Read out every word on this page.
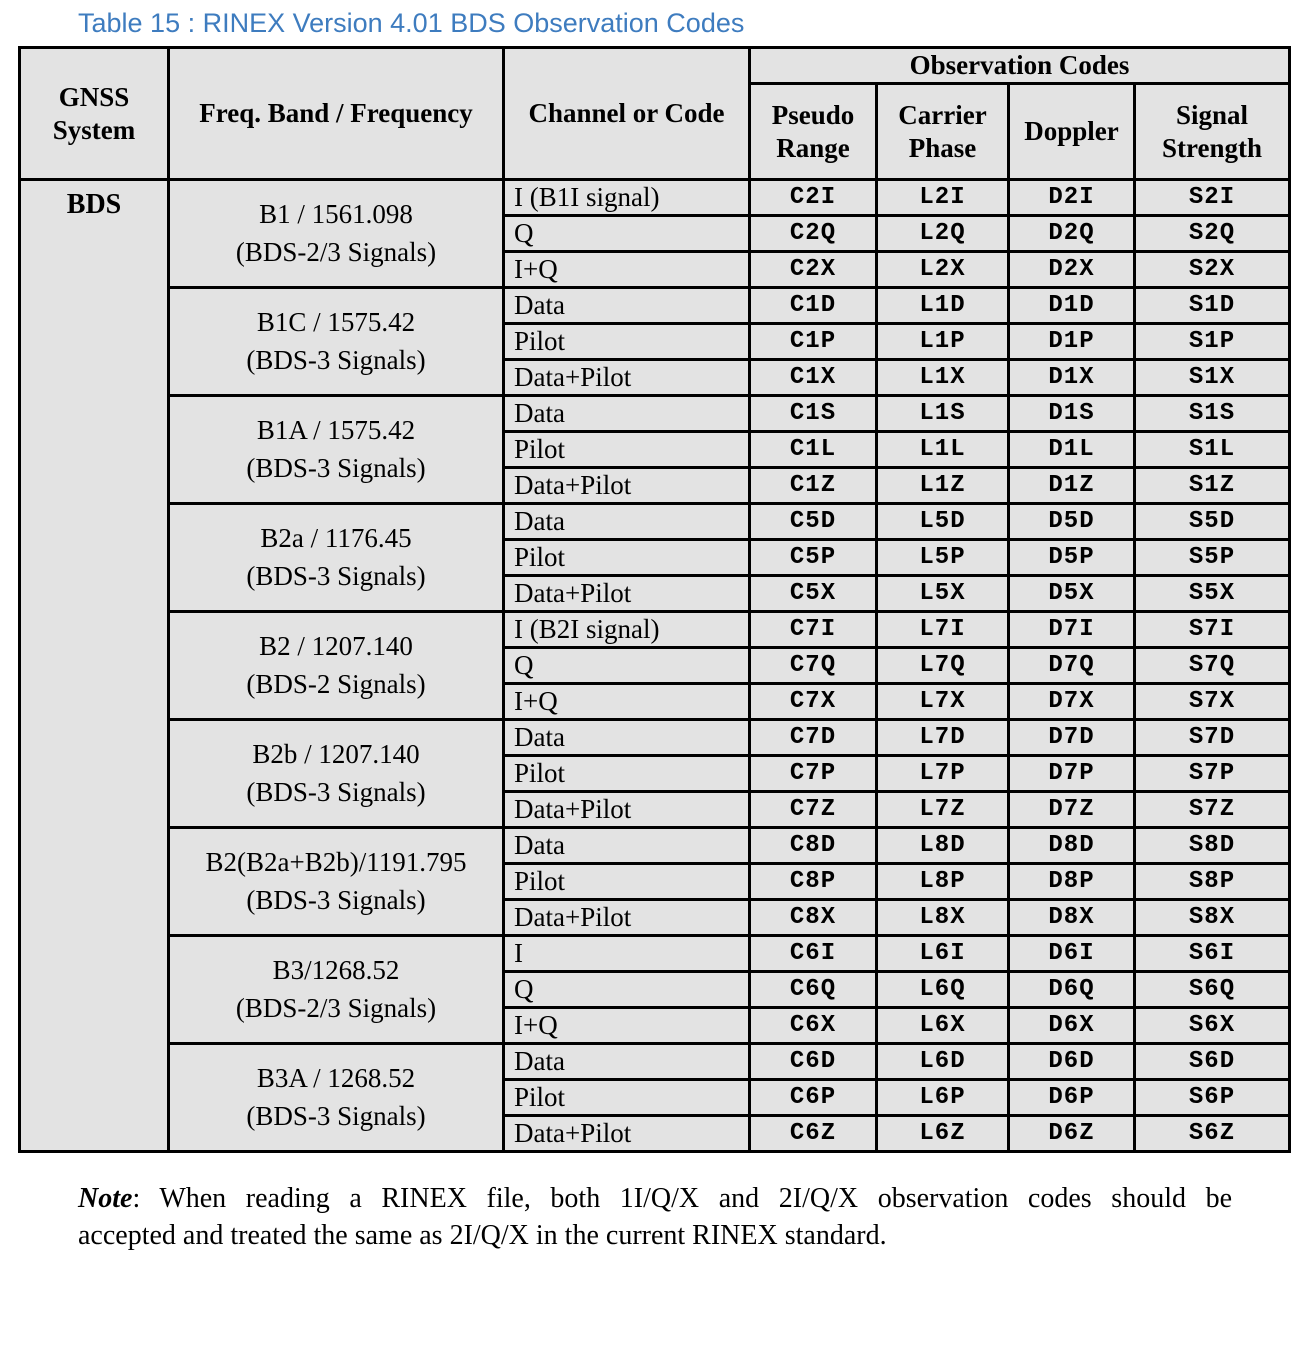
Table 15 : RINEX Version 4.01 BDS Observation Codes
GNSS System	Freq. Band / Frequency	Channel or Code	Observation Codes			
			Pseudo Range	Carrier Phase	Doppler	Signal Strength
BDS	B1 / 1561.098
(BDS-2/3 Signals)	I (B1I signal)	C2I	L2I	D2I	S2I
		Q	C2Q	L2Q	D2Q	S2Q
		I+Q	C2X	L2X	D2X	S2X

	B1C / 1575.42
(BDS-3 Signals)	Data	C1D	L1D	D1D	S1D
		Pilot	C1P	L1P	D1P	S1P
		Data+Pilot	C1X	L1X	D1X	S1X

	B1A / 1575.42
(BDS-3 Signals)	Data	C1S	L1S	D1S	S1S
		Pilot	C1L	L1L	D1L	S1L
		Data+Pilot	C1Z	L1Z	D1Z	S1Z

	B2a / 1176.45
(BDS-3 Signals)	Data	C5D	L5D	D5D	S5D
		Pilot	C5P	L5P	D5P	S5P
		Data+Pilot	C5X	L5X	D5X	S5X

	B2 / 1207.140
(BDS-2 Signals)	I (B2I signal)	C7I	L7I	D7I	S7I
		Q	C7Q	L7Q	D7Q	S7Q
		I+Q	C7X	L7X	D7X	S7X

	B2b / 1207.140
(BDS-3 Signals)	Data	C7D	L7D	D7D	S7D
		Pilot	C7P	L7P	D7P	S7P
		Data+Pilot	C7Z	L7Z	D7Z	S7Z

	B2(B2a+B2b)/1191.795
(BDS-3 Signals)	Data	C8D	L8D	D8D	S8D
		Pilot	C8P	L8P	D8P	S8P
		Data+Pilot	C8X	L8X	D8X	S8X

	B3/1268.52
(BDS-2/3 Signals)	I	C6I	L6I	D6I	S6I
		Q	C6Q	L6Q	D6Q	S6Q
		I+Q	C6X	L6X	D6X	S6X

	B3A / 1268.52
(BDS-3 Signals)	Data	C6D	L6D	D6D	S6D
		Pilot	C6P	L6P	D6P	S6P
		Data+Pilot	C6Z	L6Z	D6Z	S6Z
Note: When reading a RINEX file, both 1I/Q/X and 2I/Q/X observation codes should be
accepted and treated the same as 2I/Q/X in the current RINEX standard.
